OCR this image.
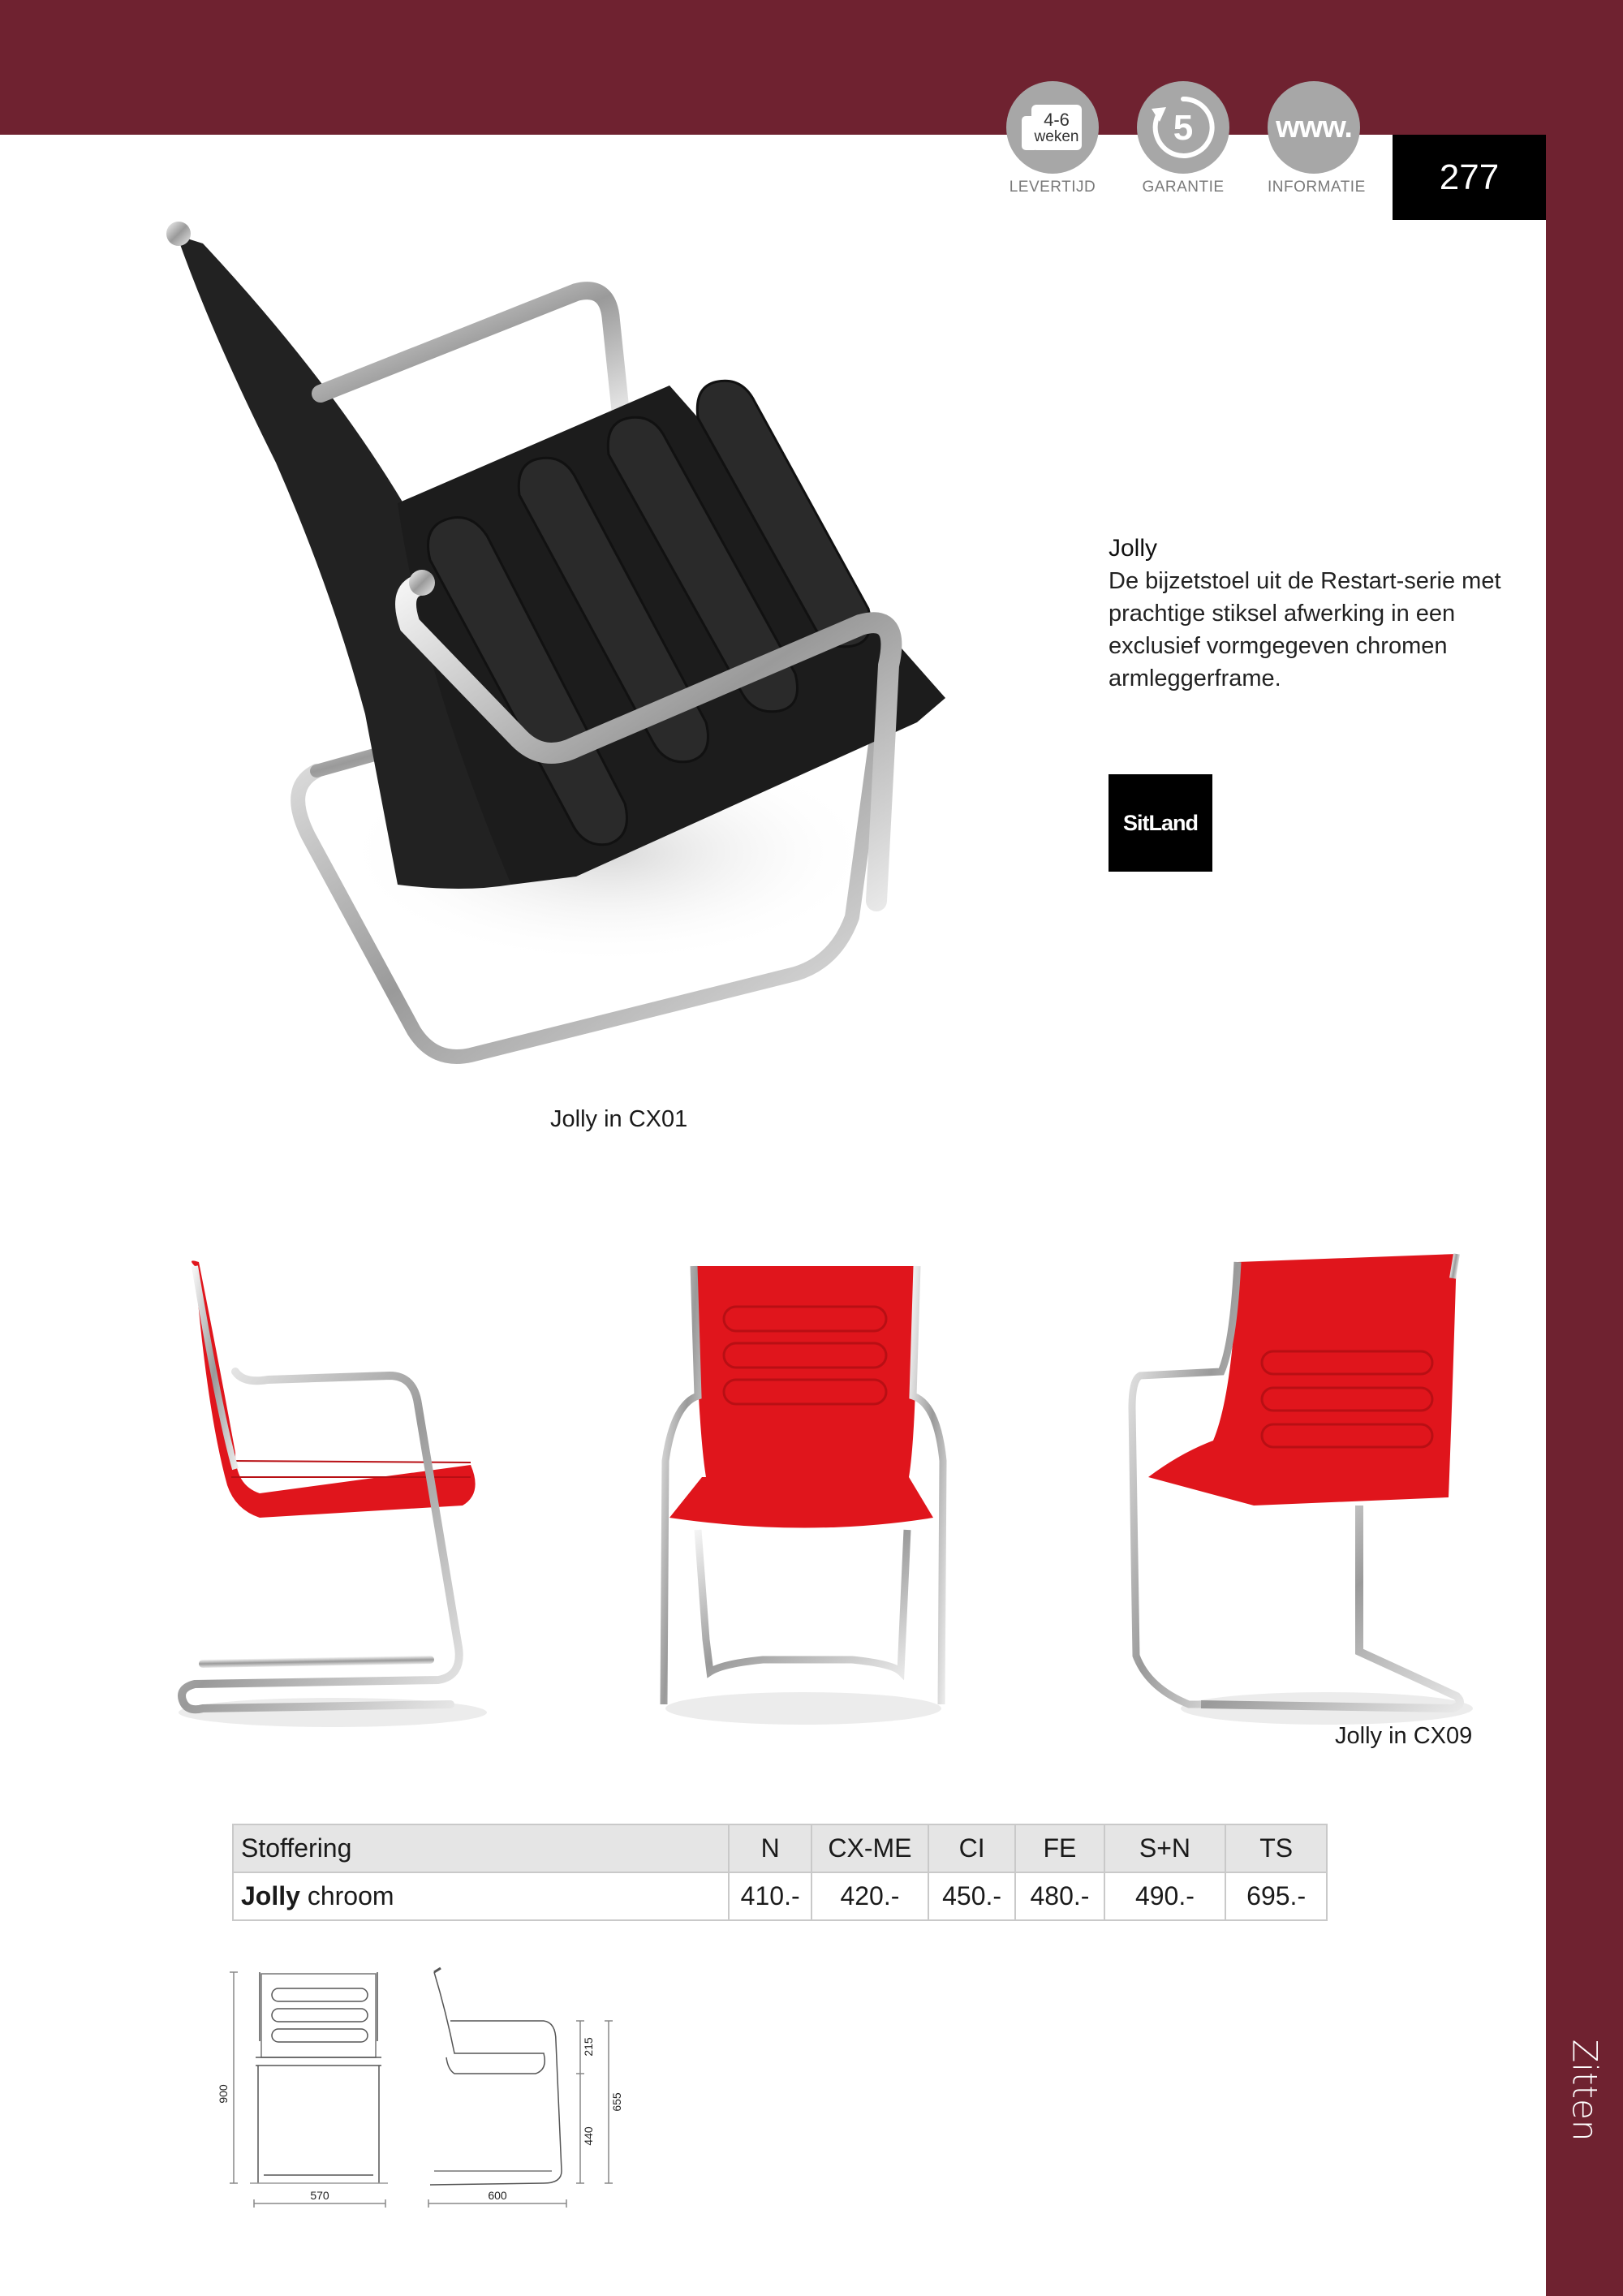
Zitten
277
4-6
weken
LEVERTIJD
5
GARANTIE
www.
INFORMATIE
Jolly in CX01
Jolly
De bijzetstoel uit de Restart-serie met prachtige stiksel afwerking in een exclusief vormgegeven chromen armleggerframe.
SitLand
Jolly in CX09
Stoffering	N	CX-ME	CI	FE	S+N	TS
Jolly chroom	410.-	420.-	450.-	480.-	490.-	695.-
900
570	600
215
440
655
